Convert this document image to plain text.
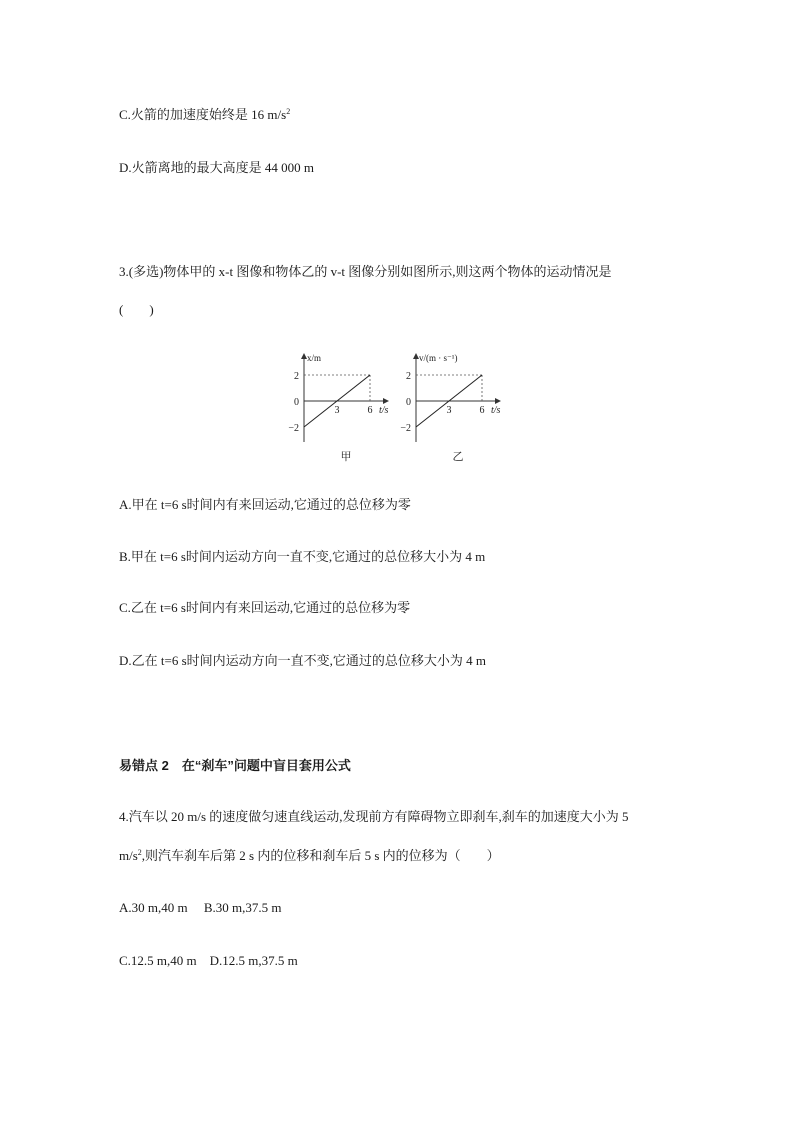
C.火箭的加速度始终是 16 $m/s^2$
D.火箭离地的最大高度是 44 000 m
3.(多选)物体甲的 x-t 图像和物体乙的 v-t 图像分别如图所示,则这两个物体的运动情况是
(　　)
2
0
−2
3	6
x/m
t/s
甲
2
0
−2
3	6
v/(m · s⁻¹)
t/s
乙
A.甲在 t=6 s时间内有来回运动,它通过的总位移为零
B.甲在 t=6 s时间内运动方向一直不变,它通过的总位移大小为 4 m
C.乙在 t=6 s时间内有来回运动,它通过的总位移为零
D.乙在 t=6 s时间内运动方向一直不变,它通过的总位移大小为 4 m
易错点 2　在“刹车”问题中盲目套用公式
4.汽车以 20 m/s 的速度做匀速直线运动,发现前方有障碍物立即刹车,刹车的加速度大小为 5
$m/s^2$,则汽车刹车后第 2 s 内的位移和刹车后 5 s 内的位移为（　　）
A.30 m,40 m　 B.30 m,37.5 m
C.12.5 m,40 m　D.12.5 m,37.5 m
